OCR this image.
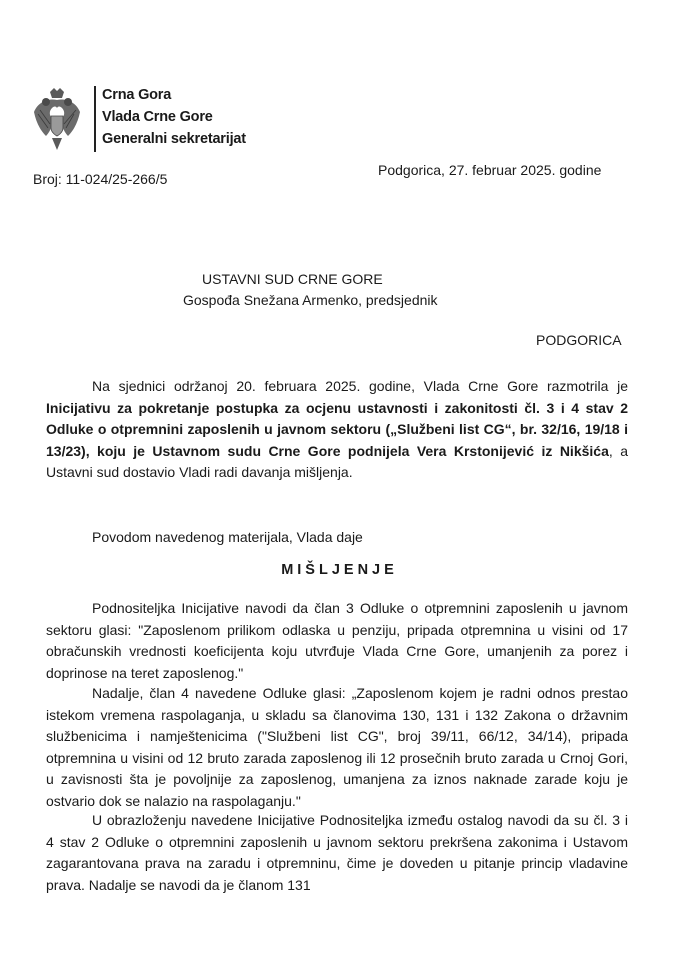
Crna Gora
Vlada Crne Gore
Generalni sekretarijat
Broj: 11-024/25-266/5
Podgorica, 27. februar 2025. godine
USTAVNI SUD CRNE GORE
Gospođa Snežana Armenko, predsjednik
PODGORICA
Na sjednici održanoj 20. februara 2025. godine, Vlada Crne Gore razmotrila je Inicijativu za pokretanje postupka za ocjenu ustavnosti i zakonitosti čl. 3 i 4 stav 2 Odluke o otpremnini zaposlenih u javnom sektoru („Službeni list CG“, br. 32/16, 19/18 i 13/23), koju je Ustavnom sudu Crne Gore podnijela Vera Krstonijević iz Nikšića, a Ustavni sud dostavio Vladi radi davanja mišljenja.
Povodom navedenog materijala, Vlada daje
MIŠLJENJE
Podnositeljka Inicijative navodi da član 3 Odluke o otpremnini zaposlenih u javnom sektoru glasi: "Zaposlenom prilikom odlaska u penziju, pripada otpremnina u visini od 17 obračunskih vrednosti koeficijenta koju utvrđuje Vlada Crne Gore, umanjenih za porez i doprinose na teret zaposlenog."
Nadalje, član 4 navedene Odluke glasi: „Zaposlenom kojem je radni odnos prestao istekom vremena raspolaganja, u skladu sa članovima 130, 131 i 132 Zakona o državnim službenicima i namještenicima ("Službeni list CG", broj 39/11, 66/12, 34/14), pripada otpremnina u visini od 12 bruto zarada zaposlenog ili 12 prosečnih bruto zarada u Crnoj Gori, u zavisnosti šta je povoljnije za zaposlenog, umanjena za iznos naknade zarade koju je ostvario dok se nalazio na raspolaganju."
U obrazloženju navedene Inicijative Podnositeljka između ostalog navodi da su čl. 3 i 4 stav 2 Odluke o otpremnini zaposlenih u javnom sektoru prekršena zakonima i Ustavom zagarantovana prava na zaradu i otpremninu, čime je doveden u pitanje princip vladavine prava. Nadalje se navodi da je članom 131
